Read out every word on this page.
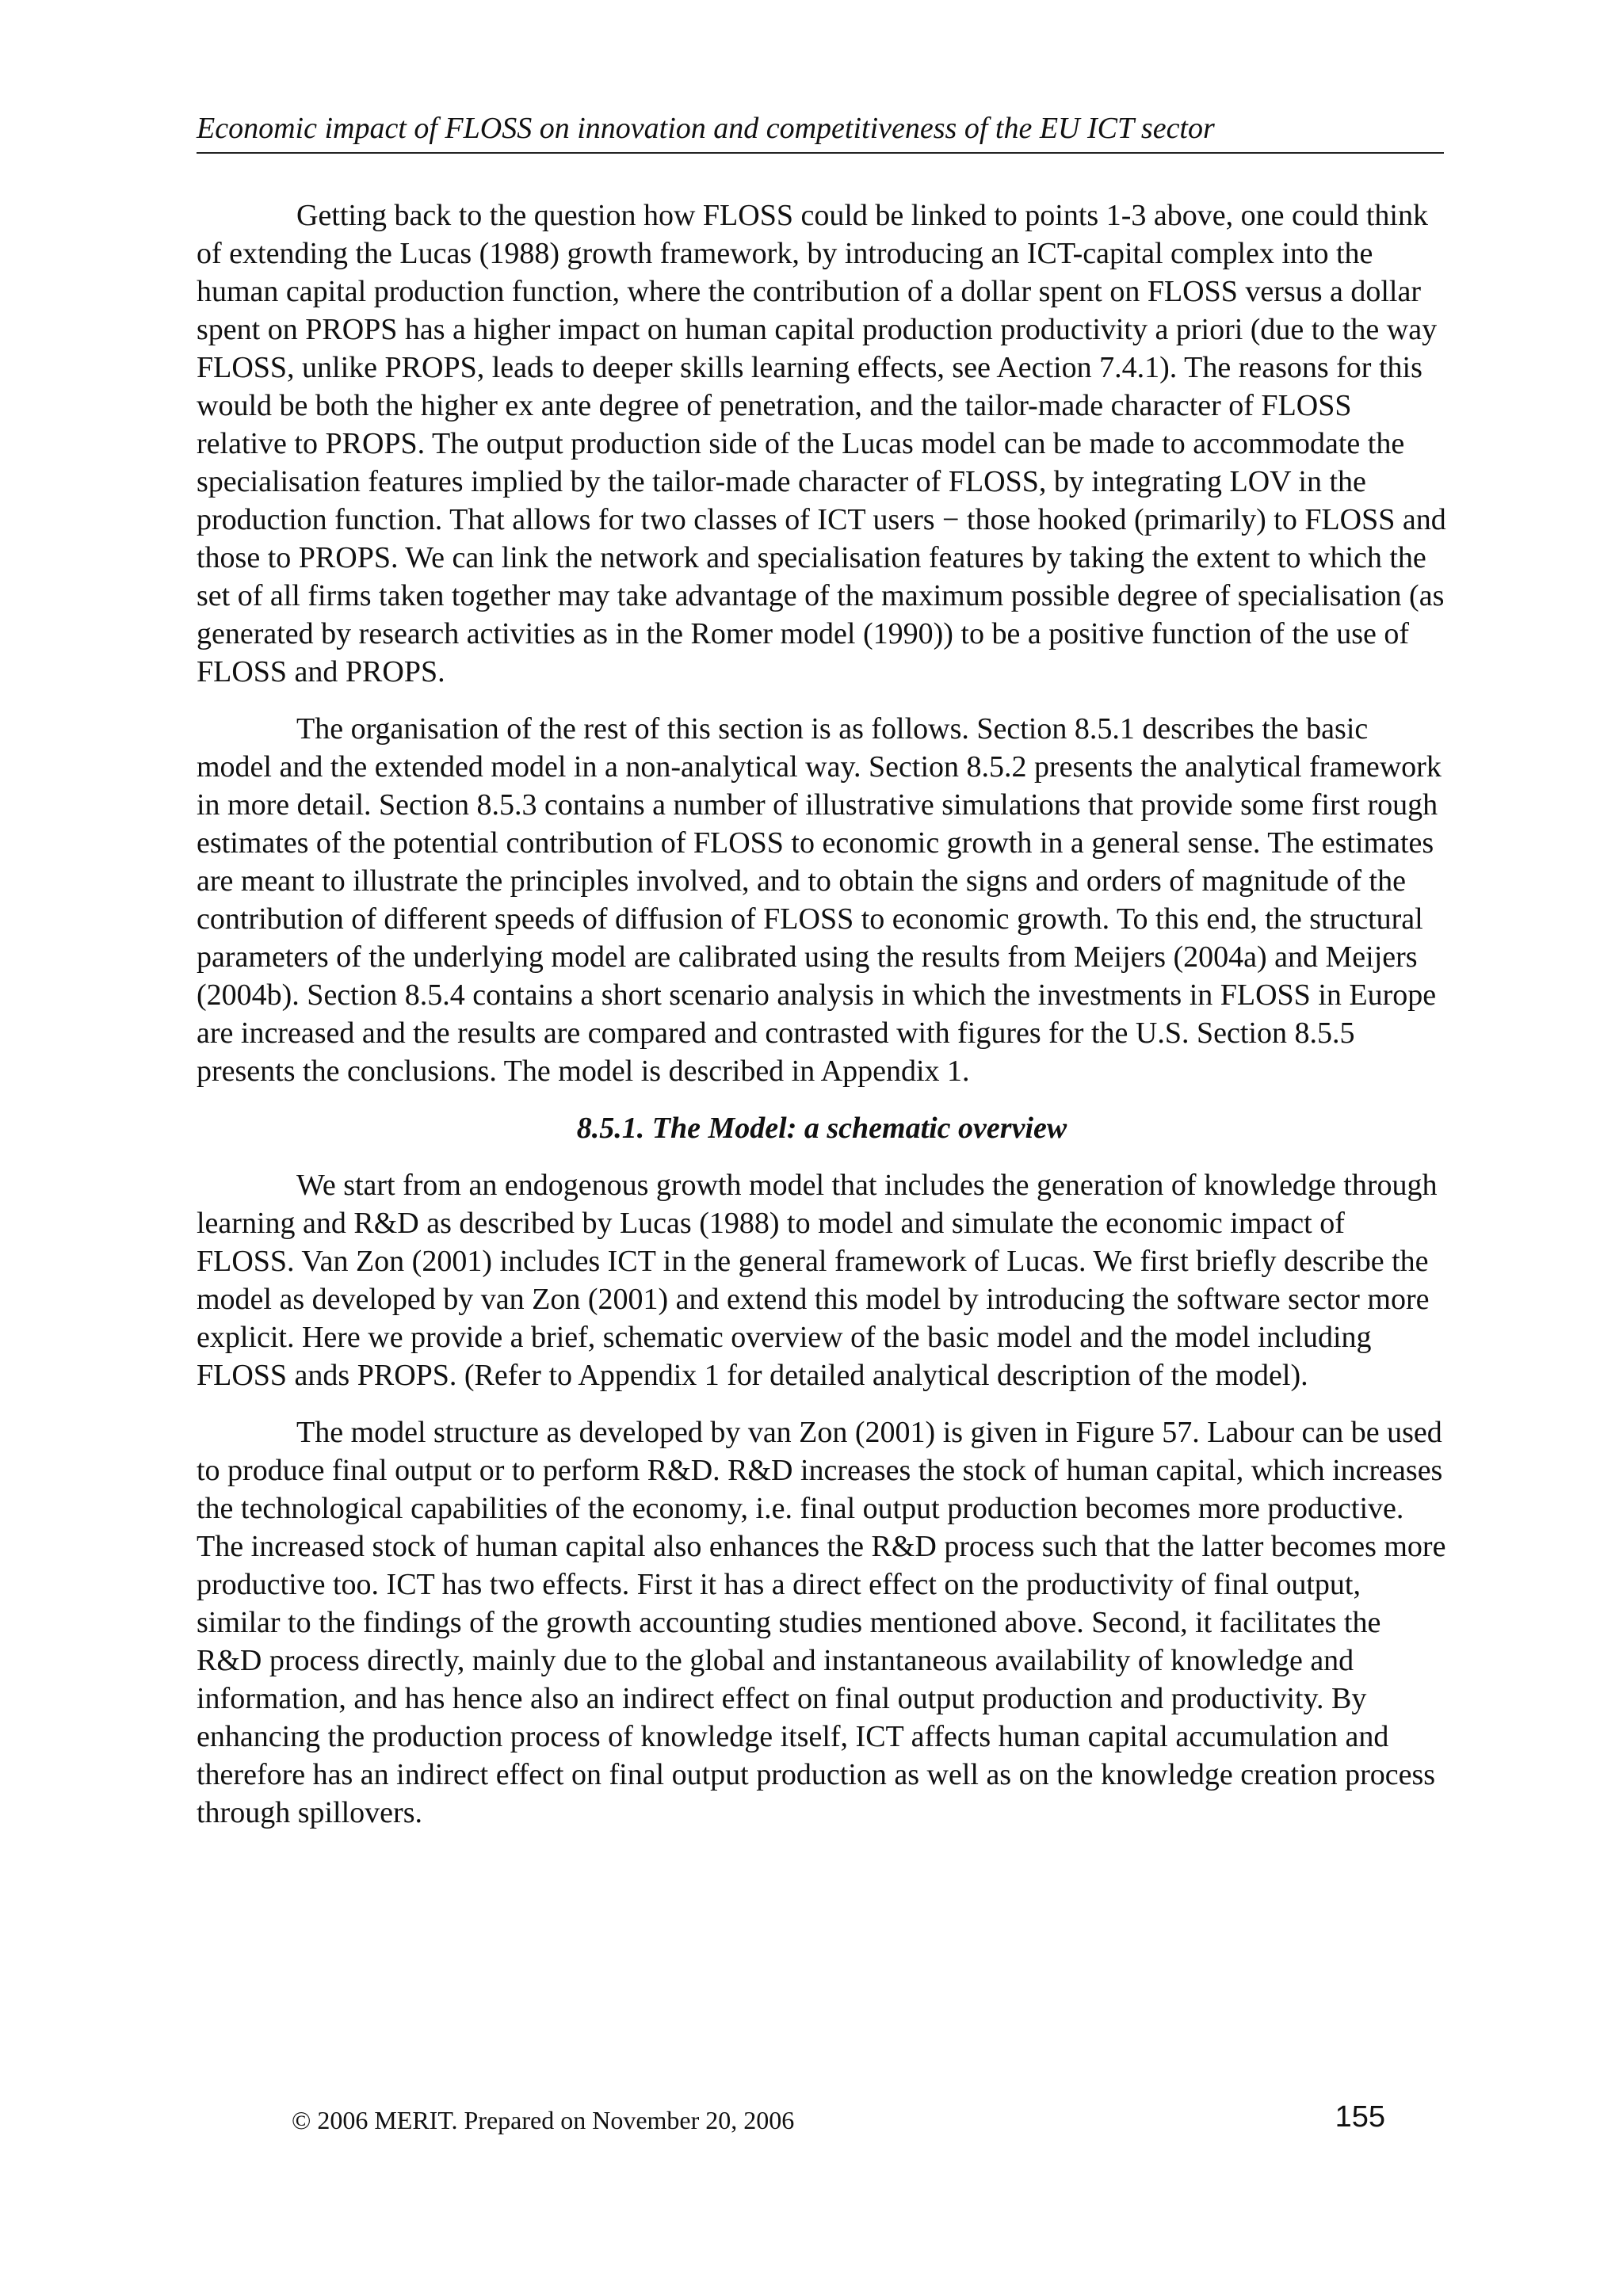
Economic impact of FLOSS on innovation and competitiveness of the EU ICT sector

Getting back to the question how FLOSS could be linked to points 1-3 above, one could think of extending the Lucas (1988) growth framework, by introducing an ICT-capital complex into the human capital production function, where the contribution of a dollar spent on FLOSS versus a dollar spent on PROPS has a higher impact on human capital production productivity a priori (due to the way FLOSS, unlike PROPS, leads to deeper skills learning effects, see Aection 7.4.1). The reasons for this would be both the higher ex ante degree of penetration, and the tailor-made character of FLOSS relative to PROPS. The output production side of the Lucas model can be made to accommodate the specialisation features implied by the tailor-made character of FLOSS, by integrating LOV in the production function. That allows for two classes of ICT users − those hooked (primarily) to FLOSS and those to PROPS. We can link the network and specialisation features by taking the extent to which the set of all firms taken together may take advantage of the maximum possible degree of specialisation (as generated by research activities as in the Romer model (1990)) to be a positive function of the use of FLOSS and PROPS.

The organisation of the rest of this section is as follows. Section 8.5.1 describes the basic model and the extended model in a non-analytical way. Section 8.5.2 presents the analytical framework in more detail. Section 8.5.3 contains a number of illustrative simulations that provide some first rough estimates of the potential contribution of FLOSS to economic growth in a general sense. The estimates are meant to illustrate the principles involved, and to obtain the signs and orders of magnitude of the contribution of different speeds of diffusion of FLOSS to economic growth. To this end, the structural parameters of the underlying model are calibrated using the results from Meijers (2004a) and Meijers (2004b). Section 8.5.4 contains a short scenario analysis in which the investments in FLOSS in Europe are increased and the results are compared and contrasted with figures for the U.S. Section 8.5.5 presents the conclusions. The model is described in Appendix 1.

8.5.1. The Model: a schematic overview

We start from an endogenous growth model that includes the generation of knowledge through learning and R&D as described by Lucas (1988) to model and simulate the economic impact of FLOSS. Van Zon (2001) includes ICT in the general framework of Lucas. We first briefly describe the model as developed by van Zon (2001) and extend this model by introducing the software sector more explicit. Here we provide a brief, schematic overview of the basic model and the model including FLOSS ands PROPS. (Refer to Appendix 1 for detailed analytical description of the model).

The model structure as developed by van Zon (2001) is given in Figure 57. Labour can be used to produce final output or to perform R&D. R&D increases the stock of human capital, which increases the technological capabilities of the economy, i.e. final output production becomes more productive. The increased stock of human capital also enhances the R&D process such that the latter becomes more productive too. ICT has two effects. First it has a direct effect on the productivity of final output, similar to the findings of the growth accounting studies mentioned above. Second, it facilitates the R&D process directly, mainly due to the global and instantaneous availability of knowledge and information, and has hence also an indirect effect on final output production and productivity. By enhancing the production process of knowledge itself, ICT affects human capital accumulation and therefore has an indirect effect on final output production as well as on the knowledge creation process through spillovers.

© 2006 MERIT. Prepared on November 20, 2006	155
